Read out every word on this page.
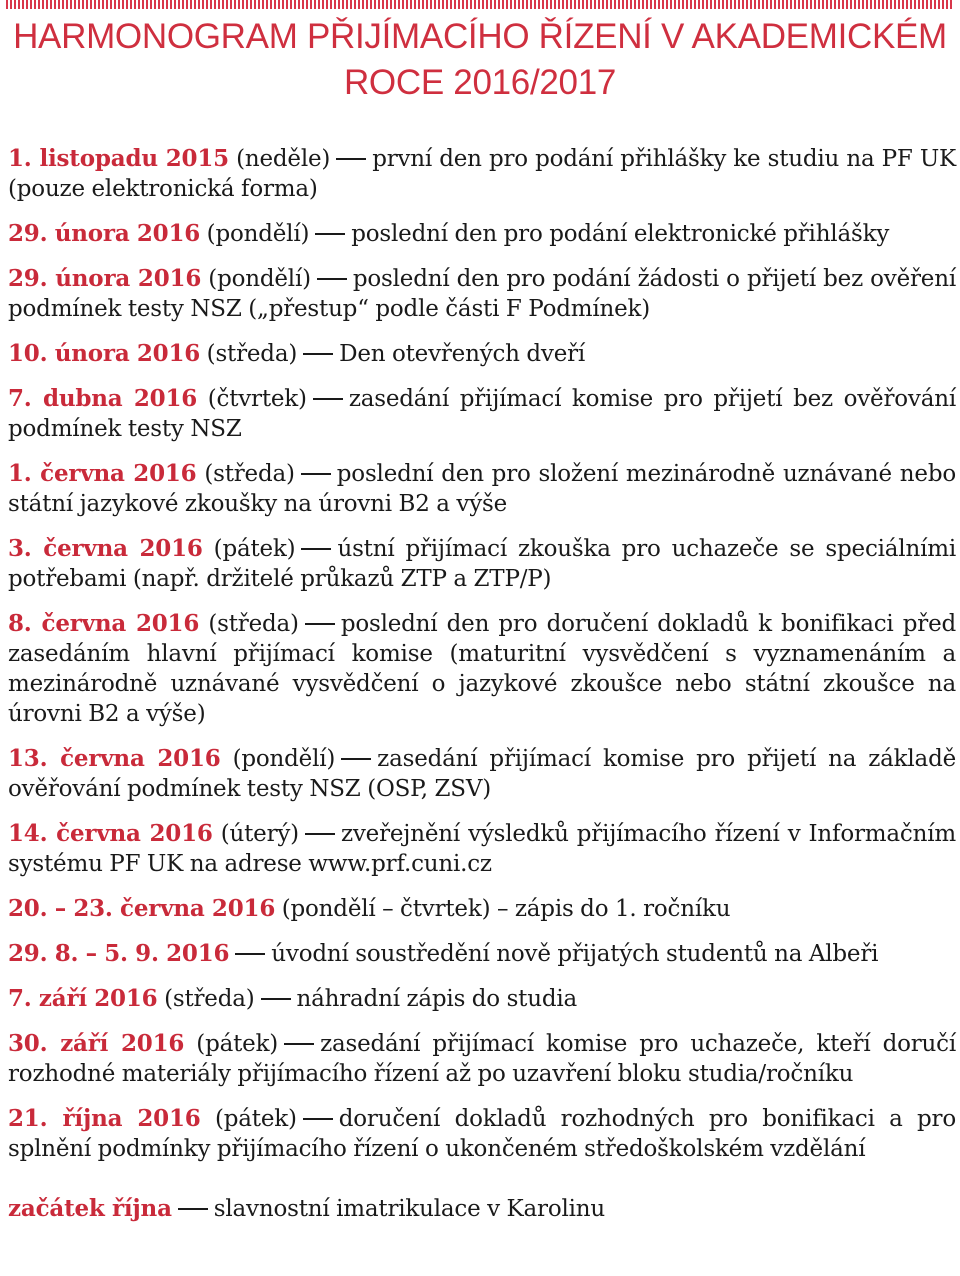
HARMONOGRAM PŘIJÍMACÍHO ŘÍZENÍ V AKADEMICKÉM
ROCE 2016/2017
1. listopadu 2015 (neděle) první den pro podání přihlášky ke studiu na PF UK (pouze elektronická forma)
29. února 2016 (pondělí) poslední den pro podání elektronické přihlášky
29. února 2016 (pondělí) poslední den pro podání žádosti o přijetí bez ověření podmínek testy NSZ („přestup“ podle části F Podmínek)
10. února 2016 (středa) Den otevřených dveří
7. dubna 2016 (čtvrtek) zasedání přijímací komise pro přijetí bez ověřování podmínek testy NSZ
1. června 2016 (středa) poslední den pro složení mezinárodně uznávané nebo státní jazykové zkoušky na úrovni B2 a výše
3. června 2016 (pátek) ústní přijímací zkouška pro uchazeče se speciálními potřebami (např. držitelé průkazů ZTP a ZTP/P)
8. června 2016 (středa) poslední den pro doručení dokladů k bonifikaci před zasedáním hlavní přijímací komise (maturitní vysvědčení s vyznamenáním a mezinárodně uznávané vysvědčení o jazykové zkoušce nebo státní zkoušce na úrovni B2 a výše)
13. června 2016 (pondělí) zasedání přijímací komise pro přijetí na základě ověřování podmínek testy NSZ (OSP, ZSV)
14. června 2016 (úterý) zveřejnění výsledků přijímacího řízení v Informačním systému PF UK na adrese www.prf.cuni.cz
20. – 23. června 2016 (pondělí – čtvrtek) – zápis do 1. ročníku
29. 8. – 5. 9. 2016 úvodní soustředění nově přijatých studentů na Albeři
7. září 2016 (středa) náhradní zápis do studia
30. září 2016 (pátek) zasedání přijímací komise pro uchazeče, kteří doručí rozhodné materiály přijímacího řízení až po uzavření bloku studia/ročníku
21. října 2016 (pátek) doručení dokladů rozhodných pro bonifikaci a pro splnění podmínky přijímacího řízení o ukončeném středoškolském vzdělání
začátek října slavnostní imatrikulace v Karolinu
